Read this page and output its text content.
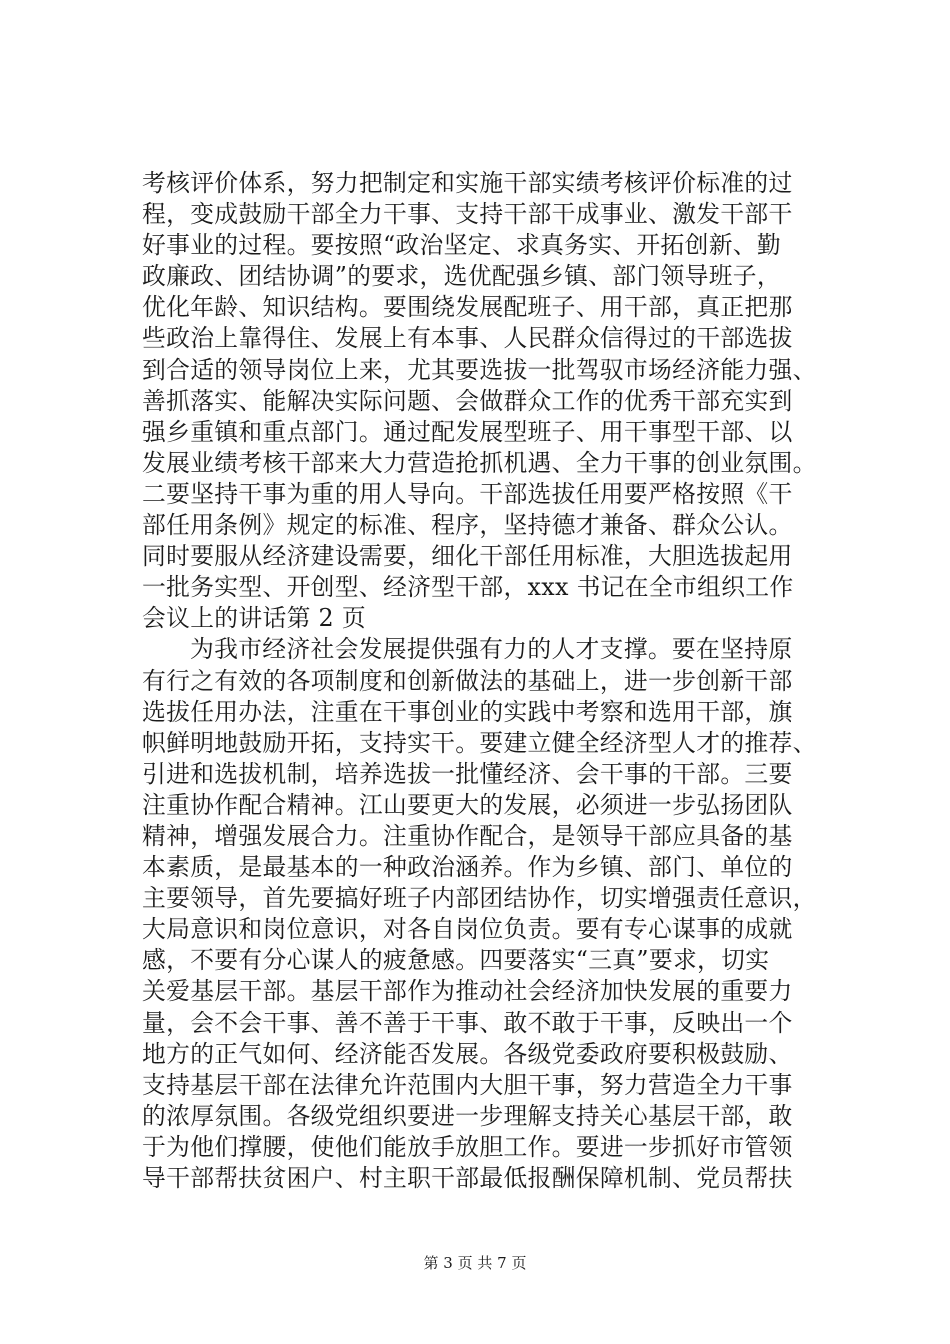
考核评价体系，努力把制定和实施干部实绩考核评价标准的过
程，变成鼓励干部全力干事、支持干部干成事业、激发干部干
好事业的过程。要按照“政治坚定、求真务实、开拓创新、勤
政廉政、团结协调”的要求，选优配强乡镇、部门领导班子，
优化年龄、知识结构。要围绕发展配班子、用干部，真正把那
些政治上靠得住、发展上有本事、人民群众信得过的干部选拔
到合适的领导岗位上来，尤其要选拔一批驾驭市场经济能力强、
善抓落实、能解决实际问题、会做群众工作的优秀干部充实到
强乡重镇和重点部门。通过配发展型班子、用干事型干部、以
发展业绩考核干部来大力营造抢抓机遇、全力干事的创业氛围。
二要坚持干事为重的用人导向。干部选拔任用要严格按照《干
部任用条例》规定的标准、程序，坚持德才兼备、群众公认。
同时要服从经济建设需要，细化干部任用标准，大胆选拔起用
一批务实型、开创型、经济型干部，xxx 书记在全市组织工作
会议上的讲话第 2 页
为我市经济社会发展提供强有力的人才支撑。要在坚持原
有行之有效的各项制度和创新做法的基础上，进一步创新干部
选拔任用办法，注重在干事创业的实践中考察和选用干部，旗
帜鲜明地鼓励开拓，支持实干。要建立健全经济型人才的推荐、
引进和选拔机制，培养选拔一批懂经济、会干事的干部。三要
注重协作配合精神。江山要更大的发展，必须进一步弘扬团队
精神，增强发展合力。注重协作配合，是领导干部应具备的基
本素质，是最基本的一种政治涵养。作为乡镇、部门、单位的
主要领导，首先要搞好班子内部团结协作，切实增强责任意识，
大局意识和岗位意识，对各自岗位负责。要有专心谋事的成就
感，不要有分心谋人的疲惫感。四要落实“三真”要求，切实
关爱基层干部。基层干部作为推动社会经济加快发展的重要力
量，会不会干事、善不善于干事、敢不敢于干事，反映出一个
地方的正气如何、经济能否发展。各级党委政府要积极鼓励、
支持基层干部在法律允许范围内大胆干事，努力营造全力干事
的浓厚氛围。各级党组织要进一步理解支持关心基层干部，敢
于为他们撑腰，使他们能放手放胆工作。要进一步抓好市管领
导干部帮扶贫困户、村主职干部最低报酬保障机制、党员帮扶
第 3 页 共 7 页
